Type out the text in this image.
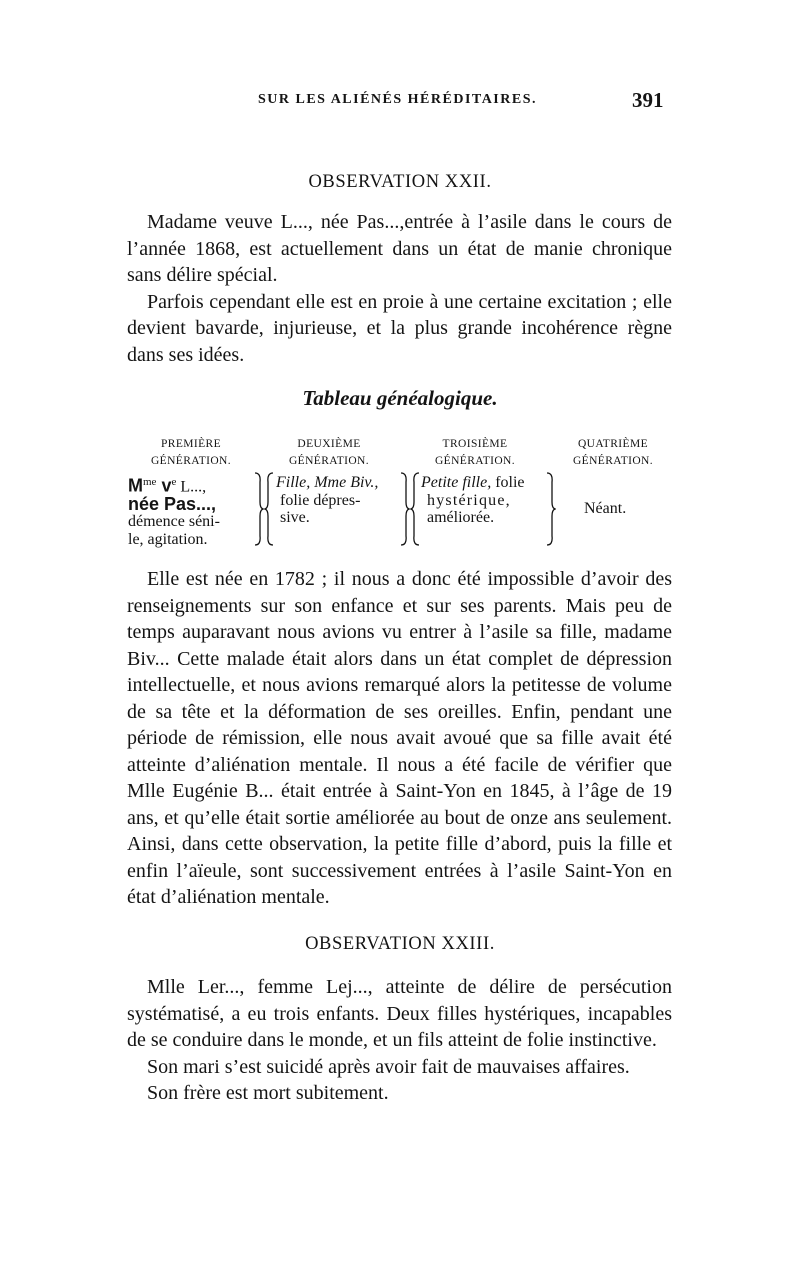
SUR LES ALIÉNÉS HÉRÉDITAIRES.	391
OBSERVATION XXII.

Madame veuve L..., née Pas...,entrée à l’asile dans le cours de l’année 1868, est actuellement dans un état de manie chronique sans délire spécial.

Parfois cependant elle est en proie à une certaine excitation ; elle devient bavarde, injurieuse, et la plus grande incohérence règne dans ses idées.

Tableau généalogique.
PREMIÈRE
GÉNÉRATION.
DEUXIÈME
GÉNÉRATION.
TROISIÈME
GÉNÉRATION.
QUATRIÈME
GÉNÉRATION.
$M^{me}$ $v^e$ L...,
née Pas...,
démence séni-
le, agitation.
Fille, Mme Biv.,
folie dépres-
sive.
Petite fille, folie
hystérique,
améliorée.
Néant.

Elle est née en 1782 ; il nous a donc été impossible d’avoir des renseignements sur son enfance et sur ses parents. Mais peu de temps auparavant nous avions vu entrer à l’asile sa fille, madame Biv... Cette malade était alors dans un état complet de dépression intellectuelle, et nous avions remarqué alors la petitesse de volume de sa tête et la déformation de ses oreilles. Enfin, pendant une période de rémission, elle nous avait avoué que sa fille avait été atteinte d’aliénation mentale. Il nous a été facile de vérifier que Mlle Eugénie B... était entrée à Saint-Yon en 1845, à l’âge de 19 ans, et qu’elle était sortie améliorée au bout de onze ans seulement. Ainsi, dans cette observation, la petite fille d’abord, puis la fille et enfin l’aïeule, sont successivement entrées à l’asile Saint-Yon en état d’aliénation mentale.

OBSERVATION XXIII.

Mlle Ler..., femme Lej..., atteinte de délire de persécution systématisé, a eu trois enfants. Deux filles hystériques, incapables de se conduire dans le monde, et un fils atteint de folie instinctive.

Son mari s’est suicidé après avoir fait de mauvaises affaires.

Son frère est mort subitement.
